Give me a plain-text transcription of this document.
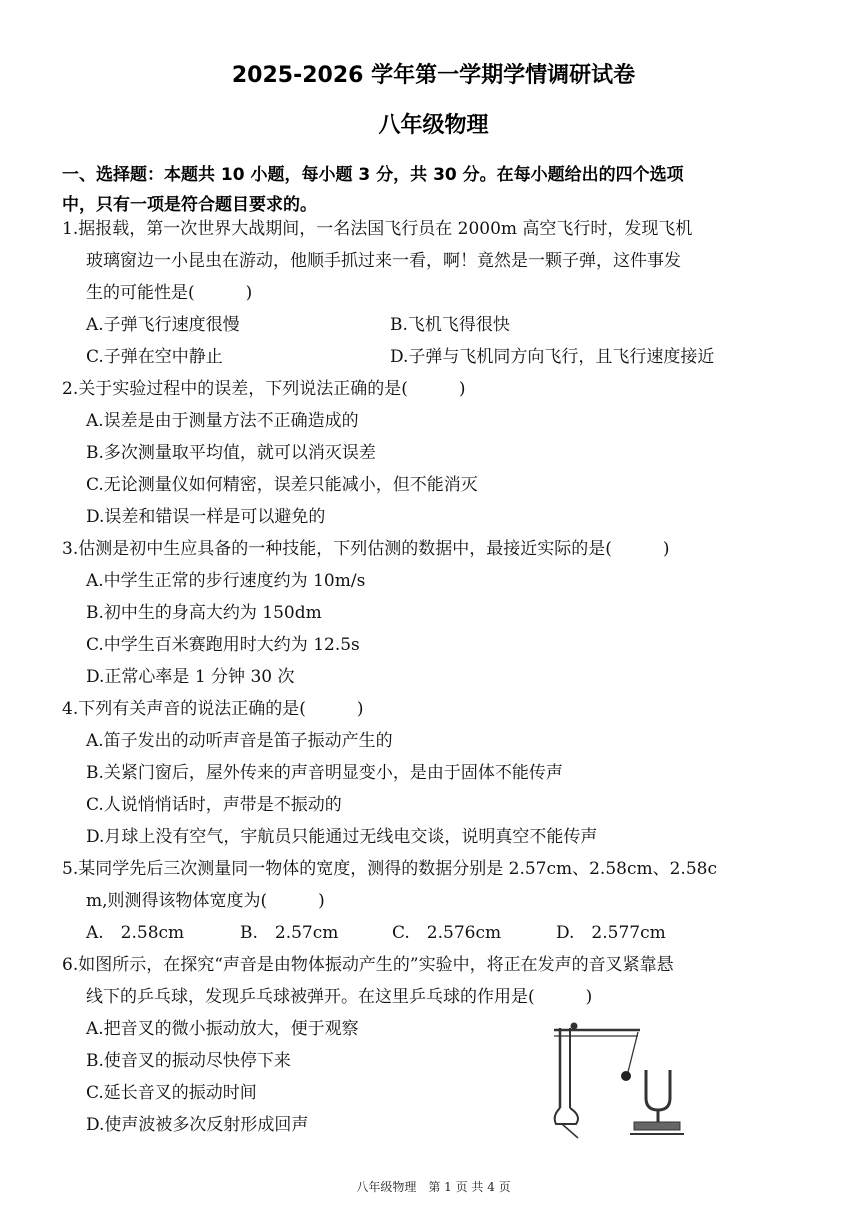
2025-2026 学年第一学期学情调研试卷
八年级物理
一、选择题：本题共 10 小题，每小题 3 分，共 30 分。在每小题给出的四个选项
中，只有一项是符合题目要求的。
1.据报载，第一次世界大战期间，一名法国飞行员在 2000m 高空飞行时，发现飞机
玻璃窗边一小昆虫在游动，他顺手抓过来一看，啊！竟然是一颗子弹，这件事发
生的可能性是(　　　)
A.子弹飞行速度很慢	B.飞机飞得很快
C.子弹在空中静止	D.子弹与飞机同方向飞行，且飞行速度接近
2.关于实验过程中的误差，下列说法正确的是(　　　)
A.误差是由于测量方法不正确造成的
B.多次测量取平均值，就可以消灭误差
C.无论测量仪如何精密，误差只能减小，但不能消灭
D.误差和错误一样是可以避免的
3.估测是初中生应具备的一种技能，下列估测的数据中，最接近实际的是(　　　)
A.中学生正常的步行速度约为 10m/s
B.初中生的身高大约为 150dm
C.中学生百米赛跑用时大约为 12.5s
D.正常心率是 1 分钟 30 次
4.下列有关声音的说法正确的是(　　　)
A.笛子发出的动听声音是笛子振动产生的
B.关紧门窗后，屋外传来的声音明显变小，是由于固体不能传声
C.人说悄悄话时，声带是不振动的
D.月球上没有空气，宇航员只能通过无线电交谈，说明真空不能传声
5.某同学先后三次测量同一物体的宽度，测得的数据分别是 2.57cm、2.58cm、2.58c
m,则测得该物体宽度为(　　　)
A.　2.58cm	B.　2.57cm	C.　2.576cm	D.　2.577cm
6.如图所示，在探究“声音是由物体振动产生的”实验中，将正在发声的音叉紧靠悬
线下的乒乓球，发现乒乓球被弹开。在这里乒乓球的作用是(　　　)
A.把音叉的微小振动放大，便于观察
B.使音叉的振动尽快停下来
C.延长音叉的振动时间
D.使声波被多次反射形成回声
八年级物理　第 1 页 共 4 页
